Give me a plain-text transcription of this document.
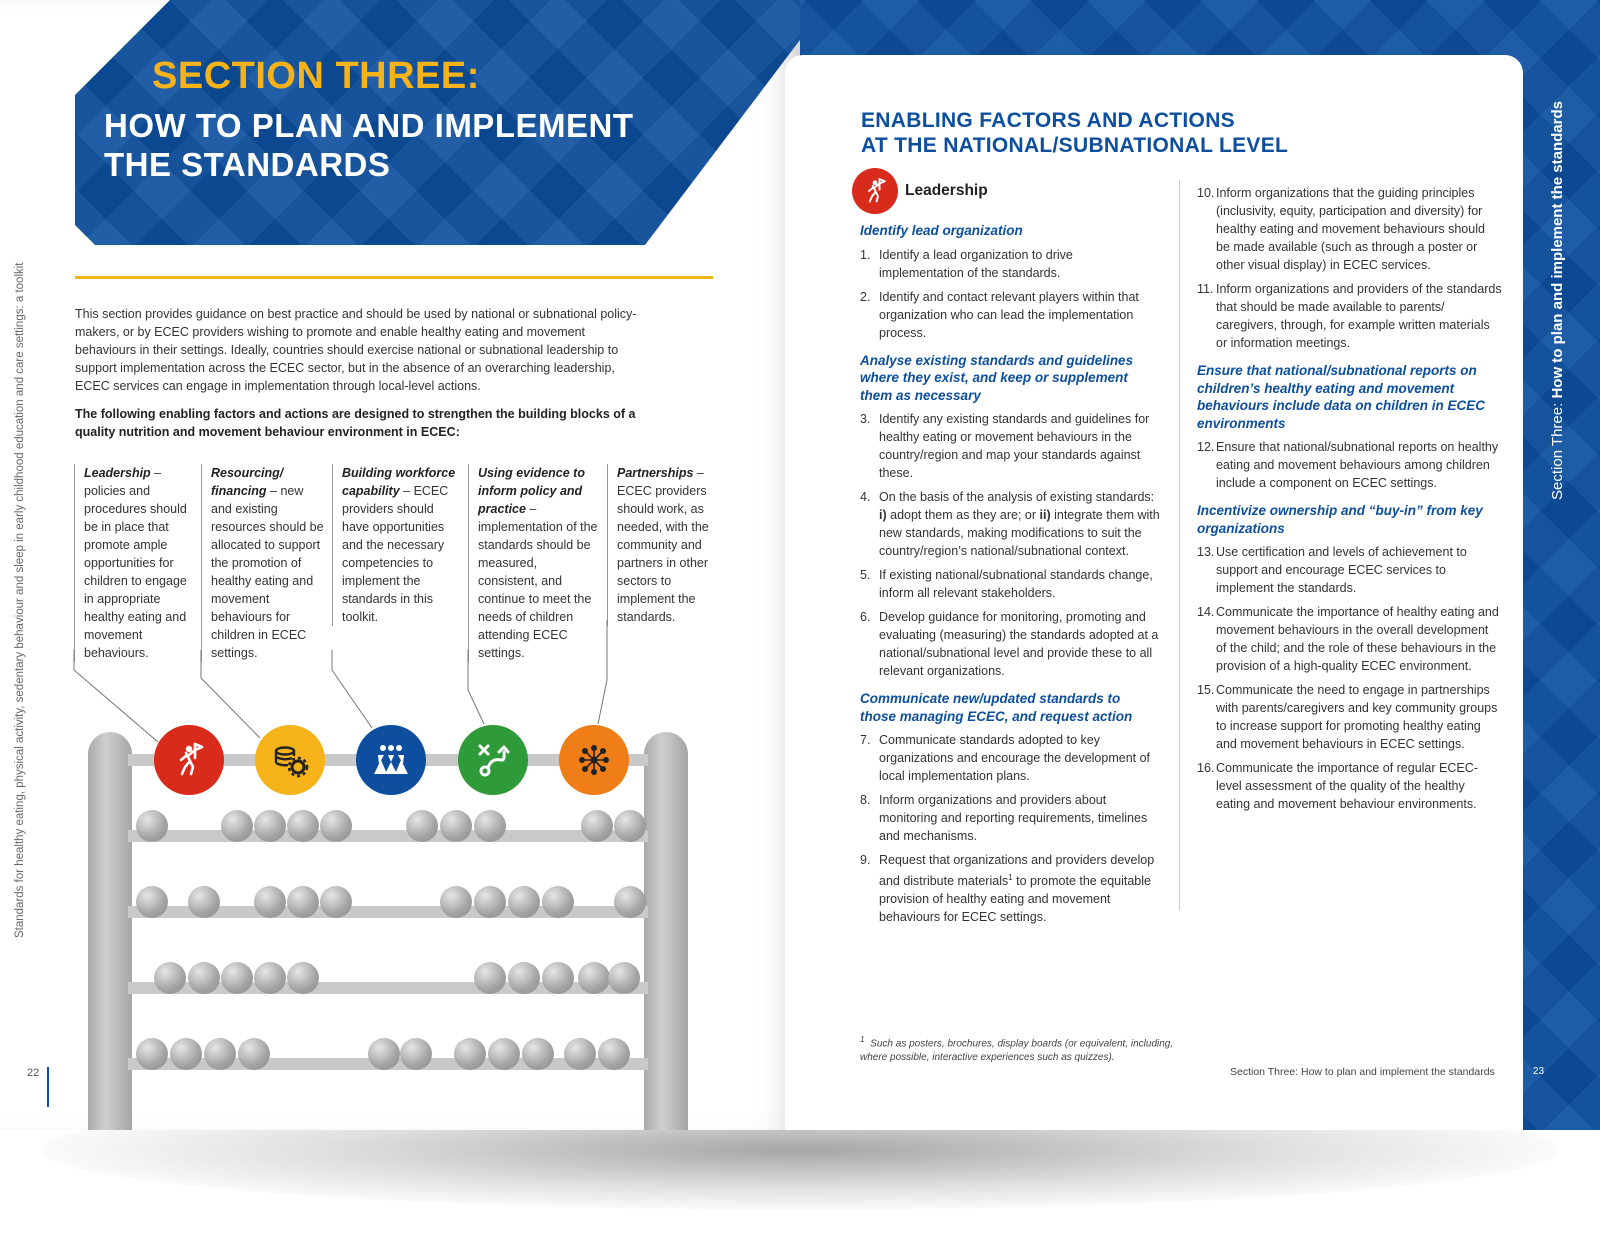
SECTION THREE:
HOW TO PLAN AND IMPLEMENT
THE STANDARDS
Standards for healthy eating, physical activity, sedentary behaviour and sleep in early childhood education and care settings: a toolkit	This section provides guidance on best practice and should be used by national or subnational policy-makers, or by ECEC providers wishing to promote and enable healthy eating and movement behaviours in their settings. Ideally, countries should exercise national or subnational leadership to support implementation across the ECEC sector, but in the absence of an overarching leadership, ECEC services can engage in implementation through local-level actions.
The following enabling factors and actions are designed to strengthen the building blocks of a quality nutrition and movement behaviour environment in ECEC:
Leadership – policies and procedures should be in place that promote ample opportunities for children to engage in appropriate healthy eating and movement behaviours.
Resourcing/ financing – new and existing resources should be allocated to support the promotion of healthy eating and movement behaviours for children in ECEC settings.
Building workforce capability – ECEC providers should have opportunities and the necessary competencies to implement the standards in this toolkit.
Using evidence to inform policy and practice – implementation of the standards should be measured, consistent, and continue to meet the needs of children attending ECEC settings.
Partnerships – ECEC providers should work, as needed, with the community and partners in other sectors to implement the standards.
22
Section Three: How to plan and implement the standards
ENABLING FACTORS AND ACTIONS
AT THE NATIONAL/SUBNATIONAL LEVEL
Leadership
Identify lead organization
1. Identify a lead organization to drive implementation of the standards.
2. Identify and contact relevant players within that organization who can lead the implementation process.
Analyse existing standards and guidelines where they exist, and keep or supplement them as necessary
3. Identify any existing standards and guidelines for healthy eating or movement behaviours in the country/region and map your standards against these.
4. On the basis of the analysis of existing standards:
i) adopt them as they are; or ii) integrate them with new standards, making modifications to suit the country/region’s national/subnational context.
5. If existing national/subnational standards change, inform all relevant stakeholders.
6. Develop guidance for monitoring, promoting and evaluating (measuring) the standards adopted at a national/subnational level and provide these to all relevant organizations.
Communicate new/updated standards to those managing ECEC, and request action
7. Communicate standards adopted to key organizations and encourage the development of local implementation plans.
8. Inform organizations and providers about monitoring and reporting requirements, timelines and mechanisms.
9. Request that organizations and providers develop and distribute materials$^1$ to promote the equitable provision of healthy eating and movement behaviours for ECEC settings.
10. Inform organizations that the guiding principles (inclusivity, equity, participation and diversity) for healthy eating and movement behaviours should be made available (such as through a poster or other visual display) in ECEC services.
11. Inform organizations and providers of the standards that should be made available to parents/ caregivers, through, for example written materials or information meetings.
Ensure that national/subnational reports on children’s healthy eating and movement behaviours include data on children in ECEC environments
12. Ensure that national/subnational reports on healthy eating and movement behaviours among children include a component on ECEC settings.
Incentivize ownership and “buy-in” from key organizations
13. Use certification and levels of achievement to support and encourage ECEC services to implement the standards.
14. Communicate the importance of healthy eating and movement behaviours in the overall development of the child; and the role of these behaviours in the provision of a high-quality ECEC environment.
15. Communicate the need to engage in partnerships with parents/caregivers and key community groups to increase support for promoting healthy eating and movement behaviours in ECEC settings.
16. Communicate the importance of regular ECEC-level assessment of the quality of the healthy eating and movement behaviour environments.
$^1$ Such as posters, brochures, display boards (or equivalent, including, where possible, interactive experiences such as quizzes).
Section Three: How to plan and implement the standards	23
